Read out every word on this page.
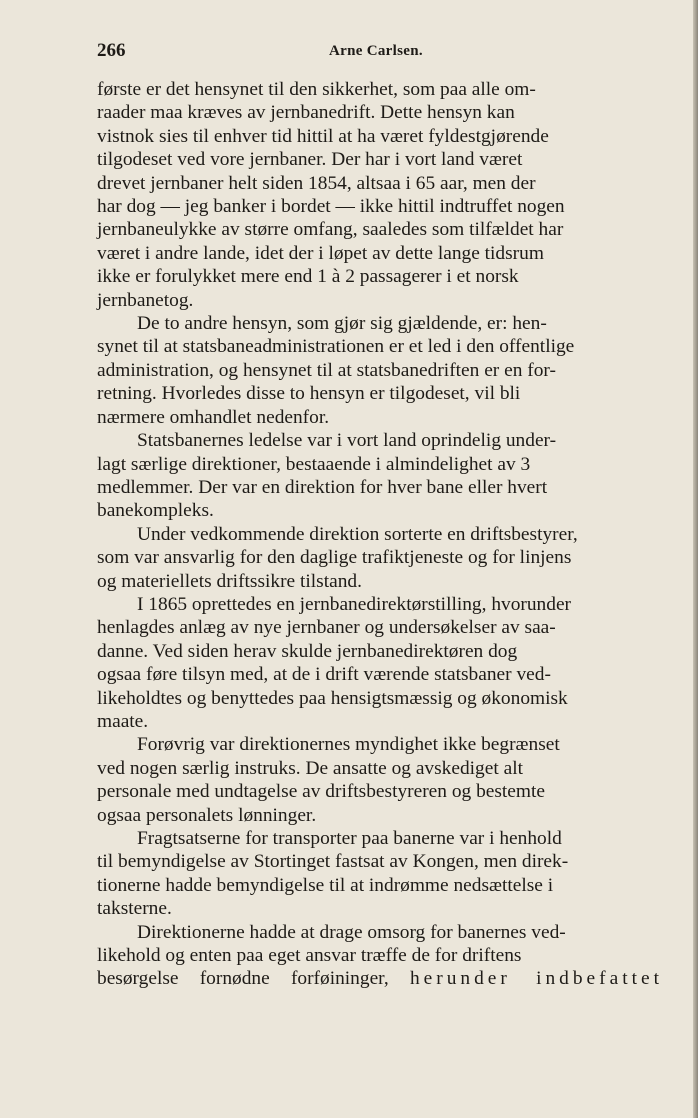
266	Arne Carlsen.

første er det hensynet til den sikkerhet, som paa alle om-
raader maa kræves av jernbanedrift. Dette hensyn kan
vistnok sies til enhver tid hittil at ha været fyldestgjørende
tilgodeset ved vore jernbaner. Der har i vort land været
drevet jernbaner helt siden 1854, altsaa i 65 aar, men der
har dog — jeg banker i bordet — ikke hittil indtruffet nogen
jernbaneulykke av større omfang, saaledes som tilfældet har
været i andre lande, idet der i løpet av dette lange tidsrum
ikke er forulykket mere end 1 à 2 passagerer i et norsk
jernbanetog.

De to andre hensyn, som gjør sig gjældende, er: hen-
synet til at statsbaneadministrationen er et led i den offentlige
administration, og hensynet til at statsbanedriften er en for-
retning. Hvorledes disse to hensyn er tilgodeset, vil bli
nærmere omhandlet nedenfor.

Statsbanernes ledelse var i vort land oprindelig under-
lagt særlige direktioner, bestaaende i almindelighet av 3
medlemmer. Der var en direktion for hver bane eller hvert
banekompleks.

Under vedkommende direktion sorterte en driftsbestyrer,
som var ansvarlig for den daglige trafiktjeneste og for linjens
og materiellets driftssikre tilstand.

I 1865 oprettedes en jernbanedirektørstilling, hvorunder
henlagdes anlæg av nye jernbaner og undersøkelser av saa-
danne. Ved siden herav skulde jernbanedirektøren dog
ogsaa føre tilsyn med, at de i drift værende statsbaner ved-
likeholdtes og benyttedes paa hensigtsmæssig og økonomisk
maate.

Forøvrig var direktionernes myndighet ikke begrænset
ved nogen særlig instruks. De ansatte og avskediget alt
personale med undtagelse av driftsbestyreren og bestemte
ogsaa personalets lønninger.

Fragtsatserne for transporter paa banerne var i henhold
til bemyndigelse av Stortinget fastsat av Kongen, men direk-
tionerne hadde bemyndigelse til at indrømme nedsættelse i
taksterne.

Direktionerne hadde at drage omsorg for banernes ved-
likehold og enten paa eget ansvar træffe de for driftens
besørgelse fornødne forføininger, herunder indbefattet
